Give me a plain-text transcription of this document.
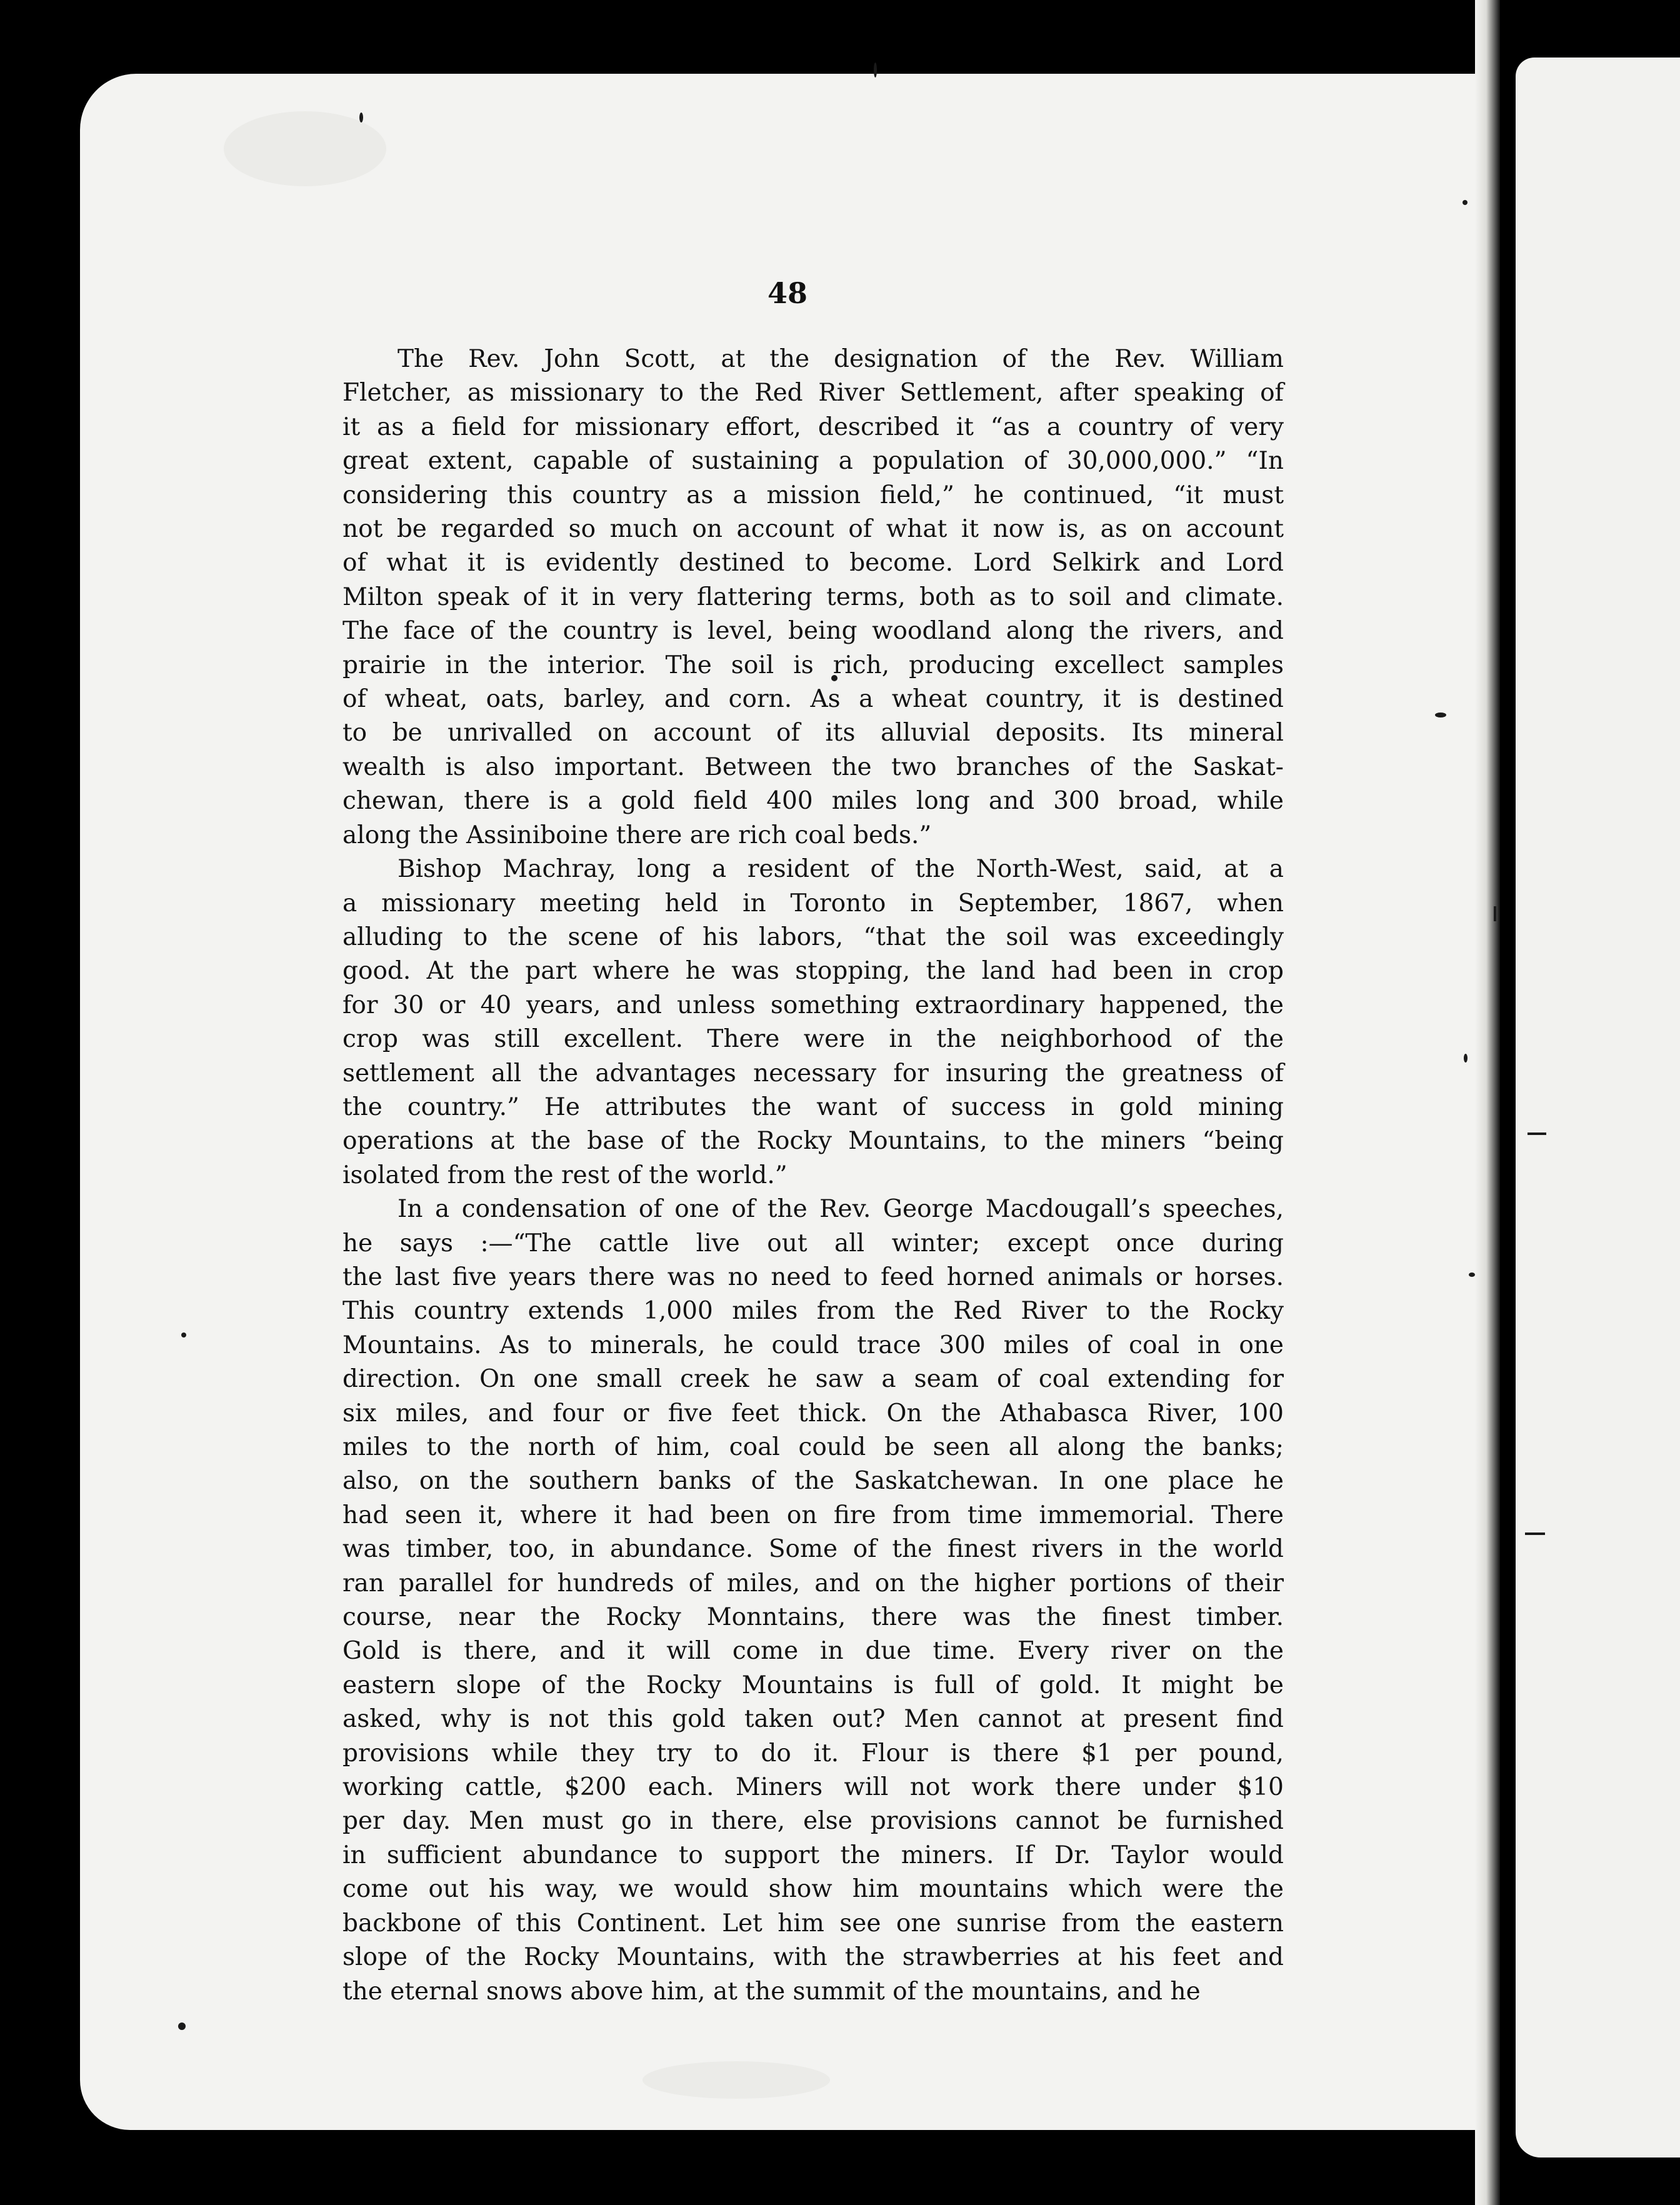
48
The Rev. John Scott, at the designation of the Rev. William
Fletcher, as missionary to the Red River Settlement, after speaking of
it as a field for missionary effort, described it “as a country of very
great extent, capable of sustaining a population of 30,000,000.” “In
considering this country as a mission field,” he continued, “it must
not be regarded so much on account of what it now is, as on account
of what it is evidently destined to become. Lord Selkirk and Lord
Milton speak of it in very flattering terms, both as to soil and climate.
The face of the country is level, being woodland along the rivers, and
prairie in the interior. The soil is rich, producing excellect samples
of wheat, oats, barley, and corn. As a wheat country, it is destined
to be unrivalled on account of its alluvial deposits. Its mineral
wealth is also important. Between the two branches of the Saskat-
chewan, there is a gold field 400 miles long and 300 broad, while
along the Assiniboine there are rich coal beds.”
Bishop Machray, long a resident of the North-West, said, at a
a missionary meeting held in Toronto in September, 1867, when
alluding to the scene of his labors, “that the soil was exceedingly
good. At the part where he was stopping, the land had been in crop
for 30 or 40 years, and unless something extraordinary happened, the
crop was still excellent. There were in the neighborhood of the
settlement all the advantages necessary for insuring the greatness of
the country.” He attributes the want of success in gold mining
operations at the base of the Rocky Mountains, to the miners “being
isolated from the rest of the world.”
In a condensation of one of the Rev. George Macdougall’s speeches,
he says :—“The cattle live out all winter; except once during
the last five years there was no need to feed horned animals or horses.
This country extends 1,000 miles from the Red River to the Rocky
Mountains. As to minerals, he could trace 300 miles of coal in one
direction. On one small creek he saw a seam of coal extending for
six miles, and four or five feet thick. On the Athabasca River, 100
miles to the north of him, coal could be seen all along the banks;
also, on the southern banks of the Saskatchewan. In one place he
had seen it, where it had been on fire from time immemorial. There
was timber, too, in abundance. Some of the finest rivers in the world
ran parallel for hundreds of miles, and on the higher portions of their
course, near the Rocky Monntains, there was the finest timber.
Gold is there, and it will come in due time. Every river on the
eastern slope of the Rocky Mountains is full of gold. It might be
asked, why is not this gold taken out? Men cannot at present find
provisions while they try to do it. Flour is there $1 per pound,
working cattle, $200 each. Miners will not work there under $10
per day. Men must go in there, else provisions cannot be furnished
in sufficient abundance to support the miners. If Dr. Taylor would
come out his way, we would show him mountains which were the
backbone of this Continent. Let him see one sunrise from the eastern
slope of the Rocky Mountains, with the strawberries at his feet and
the eternal snows above him, at the summit of the mountains, and he
